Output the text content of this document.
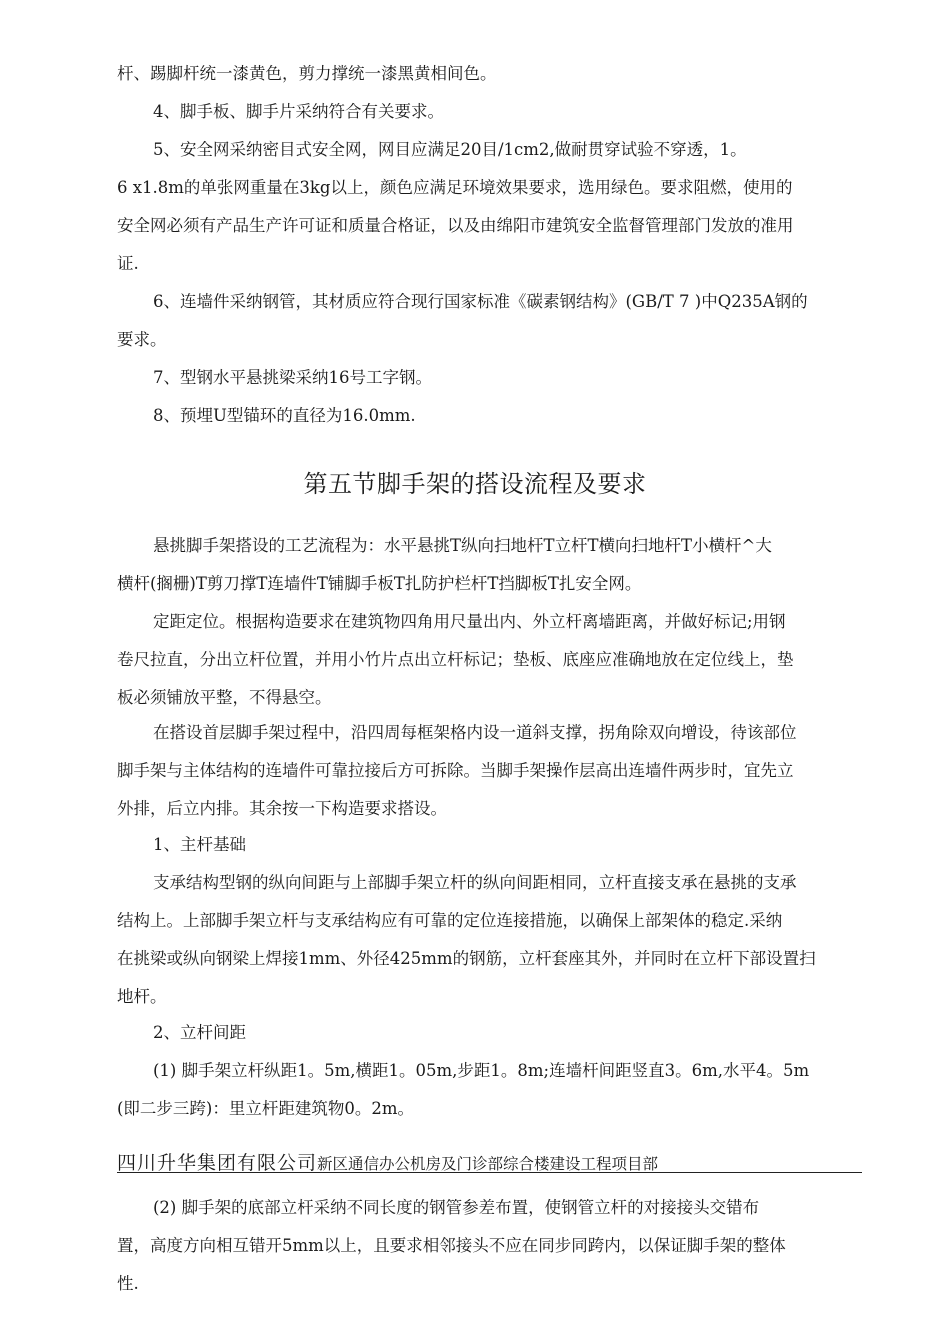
杆、踢脚杆统一漆黄色，剪力撑统一漆黑黄相间色。
4、脚手板、脚手片采纳符合有关要求。
5、安全网采纳密目式安全网，网目应满足20目/1cm2,做耐贯穿试验不穿透，1。
6 x1.8m的单张网重量在3kg以上，颜色应满足环境效果要求，选用绿色。要求阻燃，使用的
安全网必须有产品生产许可证和质量合格证，以及由绵阳市建筑安全监督管理部门发放的准用
证.
6、连墙件采纳钢管，其材质应符合现行国家标准《碳素钢结构》(GB/T 7 )中Q235A钢的
要求。
7、型钢水平悬挑梁采纳16号工字钢。
8、预埋U型锚环的直径为16.0mm.
第五节脚手架的搭设流程及要求
悬挑脚手架搭设的工艺流程为：水平悬挑T纵向扫地杆T立杆T横向扫地杆T小横杆^大
横杆(搁栅)T剪刀撑T连墙件T铺脚手板T扎防护栏杆T挡脚板T扎安全网。
定距定位。根据构造要求在建筑物四角用尺量出内、外立杆离墙距离，并做好标记;用钢
卷尺拉直，分出立杆位置，并用小竹片点出立杆标记；垫板、底座应准确地放在定位线上，垫
板必须铺放平整，不得悬空。
在搭设首层脚手架过程中，沿四周每框架格内设一道斜支撑，拐角除双向增设，待该部位
脚手架与主体结构的连墙件可靠拉接后方可拆除。当脚手架操作层高出连墙件两步时，宜先立
外排，后立内排。其余按一下构造要求搭设。
1、主杆基础
支承结构型钢的纵向间距与上部脚手架立杆的纵向间距相同，立杆直接支承在悬挑的支承
结构上。上部脚手架立杆与支承结构应有可靠的定位连接措施，以确保上部架体的稳定.采纳
在挑梁或纵向钢梁上焊接1mm、外径425mm的钢筋，立杆套座其外，并同时在立杆下部设置扫
地杆。
2、立杆间距
(1) 脚手架立杆纵距1。5m,横距1。05m,步距1。8m;连墙杆间距竖直3。6m,水平4。5m
(即二步三跨)：里立杆距建筑物0。2m。
四川升华集团有限公司新区通信办公机房及门诊部综合楼建设工程项目部
(2) 脚手架的底部立杆采纳不同长度的钢管参差布置，使钢管立杆的对接接头交错布
置，高度方向相互错开5mm以上，且要求相邻接头不应在同步同跨内，以保证脚手架的整体
性.
